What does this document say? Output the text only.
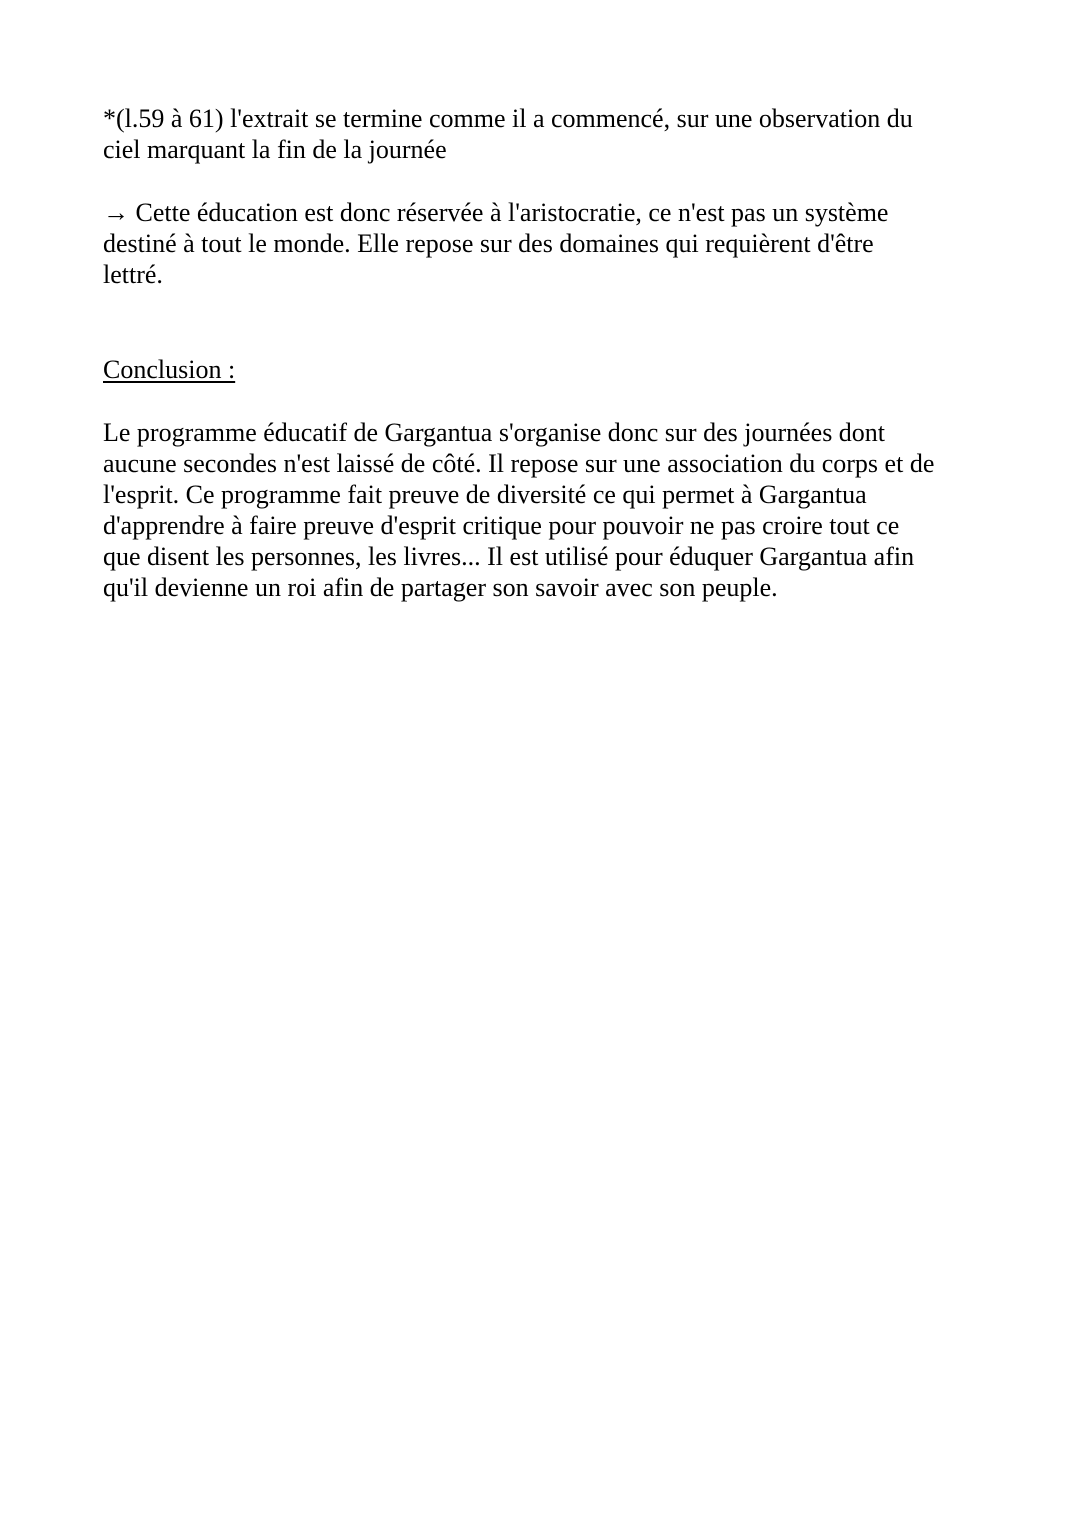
*(l.59 à 61) l'extrait se termine comme il a commencé, sur une observation du
ciel marquant la fin de la journée
→ Cette éducation est donc réservée à l'aristocratie, ce n'est pas un système
destiné à tout le monde. Elle repose sur des domaines qui requièrent d'être
lettré.
Conclusion :
Le programme éducatif de Gargantua s'organise donc sur des journées dont
aucune secondes n'est laissé de côté. Il repose sur une association du corps et de
l'esprit. Ce programme fait preuve de diversité ce qui permet à Gargantua
d'apprendre à faire preuve d'esprit critique pour pouvoir ne pas croire tout ce
que disent les personnes, les livres... Il est utilisé pour éduquer Gargantua afin
qu'il devienne un roi afin de partager son savoir avec son peuple.
